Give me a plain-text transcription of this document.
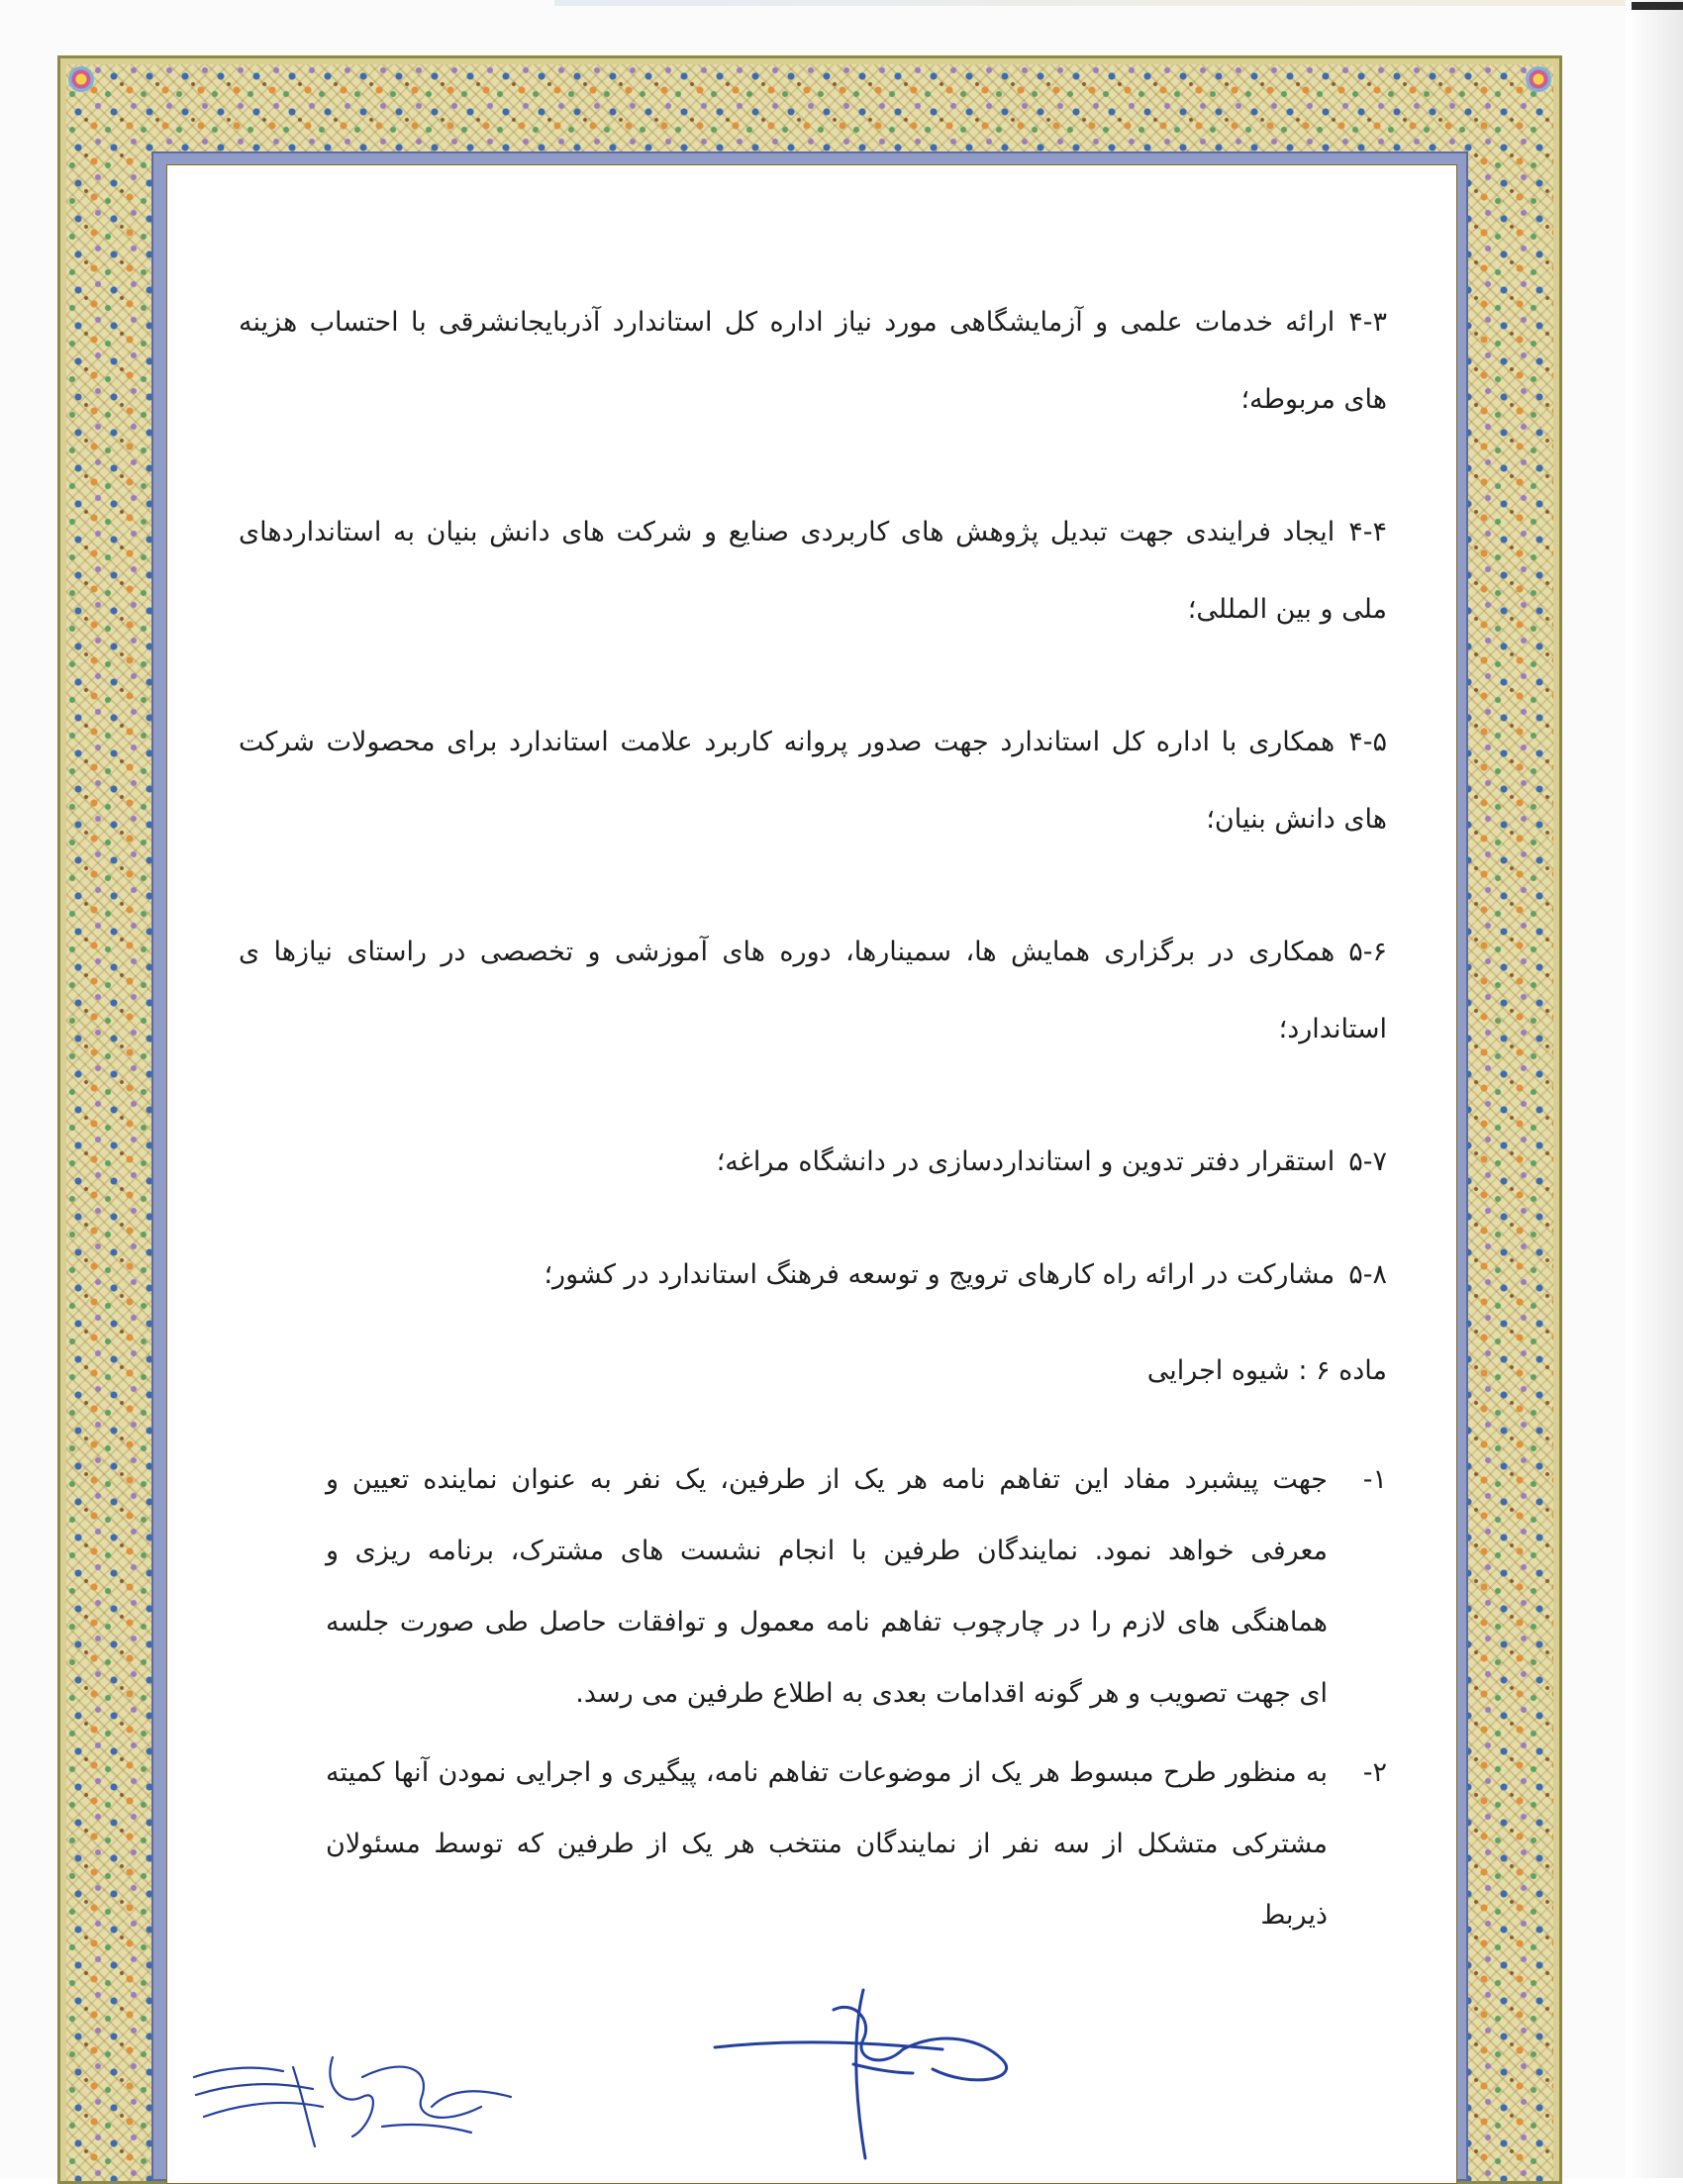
۴-۳ارائه خدمات علمی و آزمایشگاهی مورد نیاز اداره کل استاندارد آذربایجانشرقی با احتساب هزینه های مربوطه؛

۴-۴ایجاد فرایندی جهت تبدیل پژوهش های کاربردی صنایع و شرکت های دانش بنیان به استانداردهای ملی و بین المللی؛

۴-۵همکاری با اداره کل استاندارد جهت صدور پروانه کاربرد علامت استاندارد برای محصولات شرکت های دانش بنیان؛

۵-۶همکاری در برگزاری همایش ها، سمینارها، دوره های آموزشی و تخصصی در راستای نیازها ی استاندارد؛

۵-۷استقرار دفتر تدوین و استانداردسازی در دانشگاه مراغه؛

۵-۸مشارکت در ارائه راه کارهای ترویج و توسعه فرهنگ استاندارد در کشور؛

ماده ۶ : شیوه اجرایی

۱-
جهت پیشبرد مفاد این تفاهم نامه هر یک از طرفین، یک نفر به عنوان نماینده تعیین و معرفی خواهد نمود. نمایندگان طرفین با انجام نشست های مشترک، برنامه ریزی و هماهنگی های لازم را در چارچوب تفاهم نامه معمول و توافقات حاصل طی صورت جلسه ای جهت تصویب و هر گونه اقدامات بعدی به اطلاع طرفین می رسد.
۲-
به منظور طرح مبسوط هر یک از موضوعات تفاهم نامه، پیگیری و اجرایی نمودن آنها کمیته مشترکی متشکل از سه نفر از نمایندگان منتخب هر یک از طرفین که توسط مسئولان ذیربط
